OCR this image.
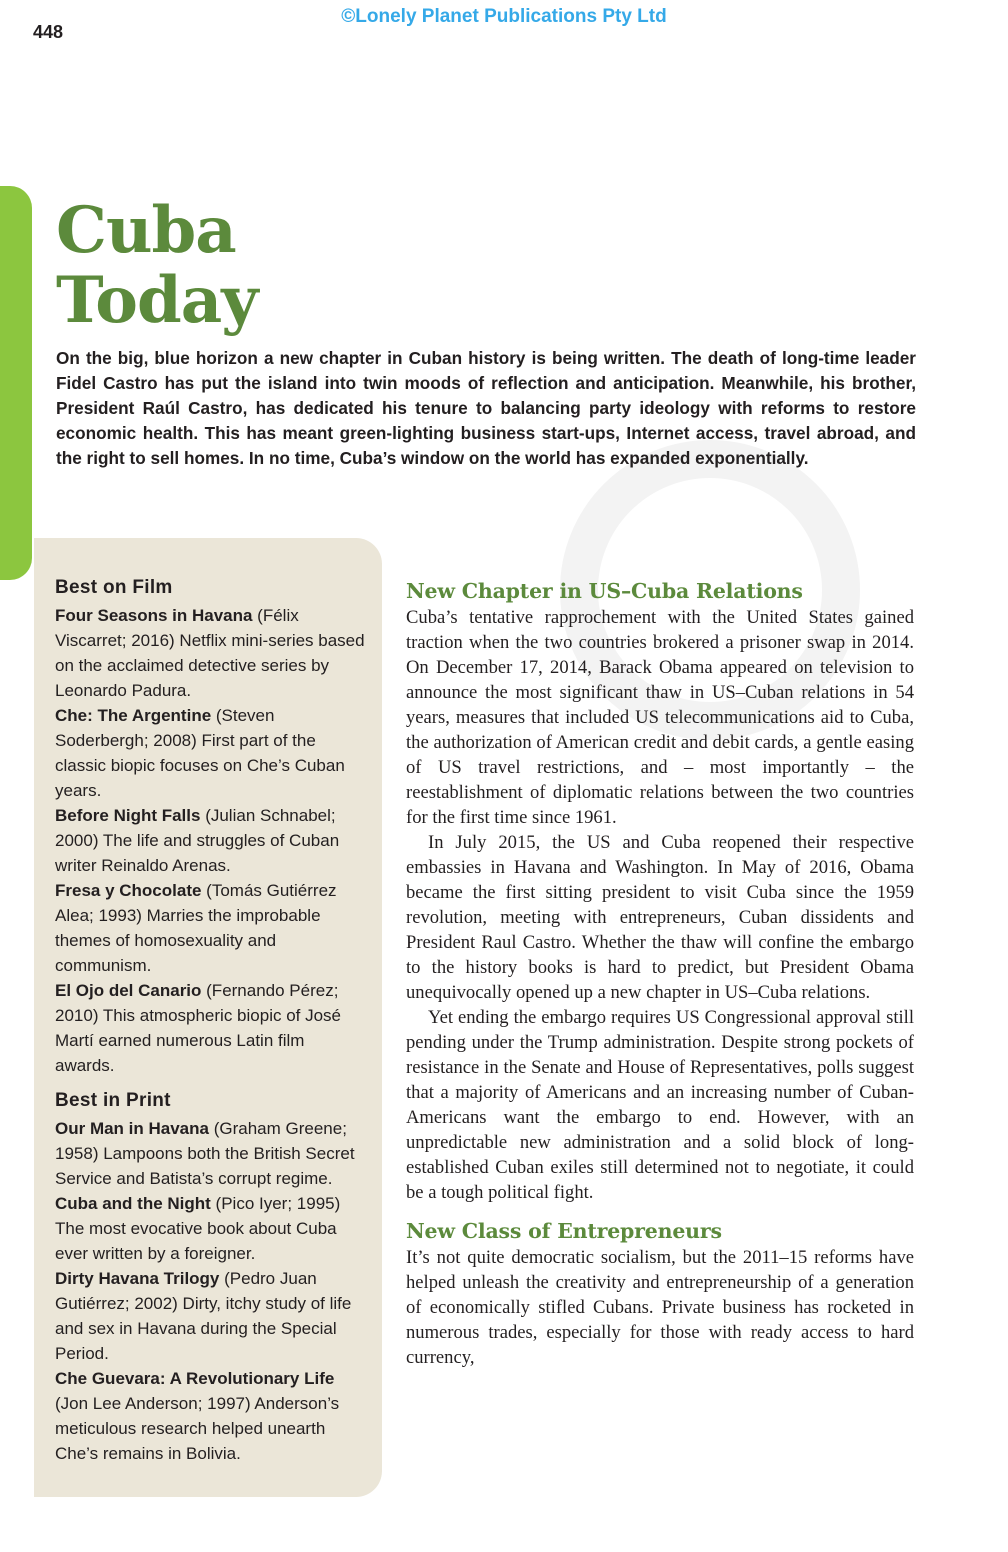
©Lonely Planet Publications Pty Ltd
448
Cuba
Today

On the big, blue horizon a new chapter in Cuban history is being written. The death of long-time leader Fidel Castro has put the island into twin moods of reflection and anticipation. Meanwhile, his brother, President Raúl Castro, has dedicated his tenure to balancing party ideology with reforms to restore economic health. This has meant green-lighting business start-ups, Internet access, travel abroad, and the right to sell homes. In no time, Cuba’s window on the world has expanded exponentially.

Best on Film

Four Seasons in Havana (Félix Viscarret; 2016) Netflix mini-series based on the acclaimed detective series by Leonardo Padura.

Che: The Argentine (Steven Soderbergh; 2008) First part of the classic biopic focuses on Che’s Cuban years.

Before Night Falls (Julian Schnabel; 2000) The life and struggles of Cuban writer Reinaldo Arenas.

Fresa y Chocolate (Tomás Gutiérrez Alea; 1993) Marries the improbable themes of homosexuality and communism.

El Ojo del Canario (Fernando Pérez; 2010) This atmospheric biopic of José Martí earned numerous Latin film awards.

Best in Print

Our Man in Havana (Graham Greene; 1958) Lampoons both the British Secret Service and Batista’s corrupt regime.

Cuba and the Night (Pico Iyer; 1995) The most evocative book about Cuba ever written by a foreigner.

Dirty Havana Trilogy (Pedro Juan Gutiérrez; 2002) Dirty, itchy study of life and sex in Havana during the Special Period.

Che Guevara: A Revolutionary Life (Jon Lee Anderson; 1997) Anderson’s meticulous research helped unearth Che’s remains in Bolivia.

New Chapter in US–Cuba Relations

Cuba’s tentative rapprochement with the United States gained traction when the two countries brokered a prisoner swap in 2014. On December 17, 2014, Barack Obama appeared on television to announce the most significant thaw in US–Cuban relations in 54 years, measures that included US telecommunications aid to Cuba, the authorization of American credit and debit cards, a gentle easing of US travel restrictions, and – most importantly – the reestablishment of diplomatic relations between the two countries for the first time since 1961.

In July 2015, the US and Cuba reopened their respective embassies in Havana and Washington. In May of 2016, Obama became the first sitting president to visit Cuba since the 1959 revolution, meeting with entrepreneurs, Cuban dissidents and President Raul Castro. Whether the thaw will confine the embargo to the history books is hard to predict, but President Obama unequivocally opened up a new chapter in US–Cuba relations.

Yet ending the embargo requires US Congressional approval still pending under the Trump administration. Despite strong pockets of resistance in the Senate and House of Representatives, polls suggest that a majority of Americans and an increasing number of Cuban-Americans want the embargo to end. However, with an unpredictable new administration and a solid block of long-established Cuban exiles still determined not to negotiate, it could be a tough political fight.

New Class of Entrepreneurs

It’s not quite democratic socialism, but the 2011–15 reforms have helped unleash the creativity and entrepreneurship of a generation of economically stifled Cubans. Private business has rocketed in numerous trades, especially for those with ready access to hard currency,
